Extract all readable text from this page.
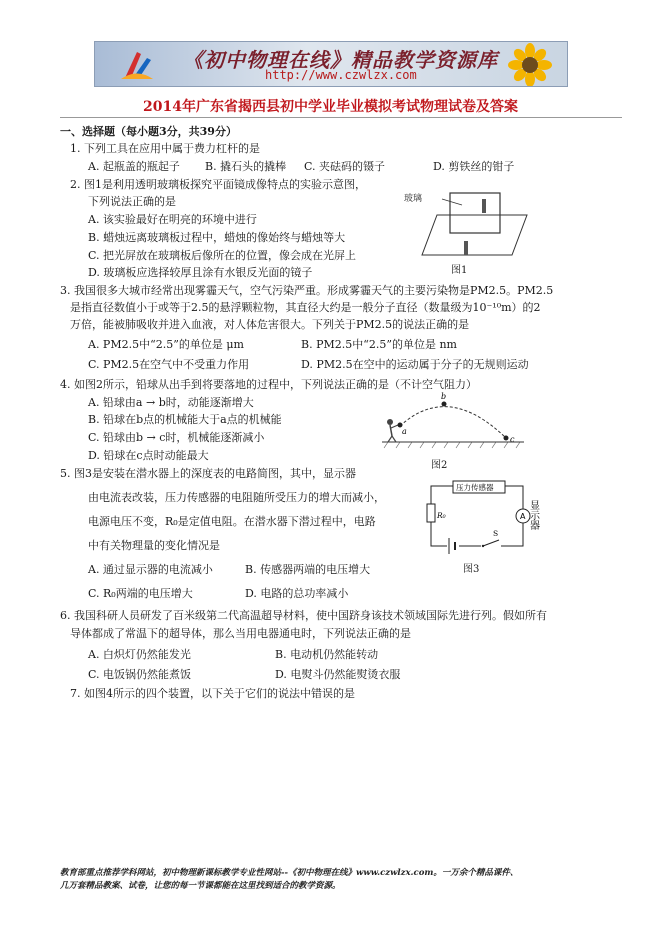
《初中物理在线》精品教学资源库
http://www.czwlzx.com
2014年广东省揭西县初中学业毕业模拟考试物理试卷及答案
一、选择题（每小题3分，共39分）
1. 下列工具在应用中属于费力杠杆的是
A. 起瓶盖的瓶起子 B. 撬石头的撬棒 C. 夹砝码的镊子	D. 剪铁丝的钳子
2. 图1是利用透明玻璃板探究平面镜成像特点的实验示意图，
下列说法正确的是
A. 该实验最好在明亮的环境中进行
B. 蜡烛远离玻璃板过程中，蜡烛的像始终与蜡烛等大
C. 把光屏放在玻璃板后像所在的位置，像会成在光屏上
D. 玻璃板应选择较厚且涂有水银反光面的镜子
玻璃
图1
3. 我国很多大城市经常出现雾霾天气，空气污染严重。形成雾霾天气的主要污染物是PM2.5。PM2.5
是指直径数值小于或等于2.5的悬浮颗粒物，其直径大约是一般分子直径（数量级为10⁻¹⁰m）的2
万倍，能被肺吸收并进入血液，对人体危害很大。下列关于PM2.5的说法正确的是
A. PM2.5中“2.5”的单位是 μm	B. PM2.5中“2.5”的单位是 nm
C. PM2.5在空气中不受重力作用	D. PM2.5在空中的运动属于分子的无规则运动
4. 如图2所示，铅球从出手到将要落地的过程中，下列说法正确的是（不计空气阻力）
A. 铅球由a → b时，动能逐渐增大
B. 铅球在b点的机械能大于a点的机械能
C. 铅球由b → c时，机械能逐渐减小
D. 铅球在c点时动能最大
a
b
c
图2
5. 图3是安装在潜水器上的深度表的电路简图，其中，显示器
由电流表改装，压力传感器的电阻随所受压力的增大而减小，
电源电压不变，R₀是定值电阻。在潜水器下潜过程中，电路
中有关物理量的变化情况是
A. 通过显示器的电流减小	B. 传感器两端的电压增大
C. R₀两端的电压增大	D. 电路的总功率减小
压力传感器
R₀	A
S
显示器
图3
6. 我国科研人员研发了百米级第二代高温超导材料，使中国跻身该技术领域国际先进行列。假如所有
导体都成了常温下的超导体，那么当用电器通电时，下列说法正确的是
A. 白炽灯仍然能发光	B. 电动机仍然能转动
C. 电饭锅仍然能煮饭	D. 电熨斗仍然能熨烫衣服
7. 如图4所示的四个装置，以下关于它们的说法中错误的是
教育部重点推荐学科网站，初中物理新课标教学专业性网站--《初中物理在线》www.czwlzx.com。一万余个精品课件、
几万套精品教案、试卷，让您的每一节课都能在这里找到适合的教学资源。
